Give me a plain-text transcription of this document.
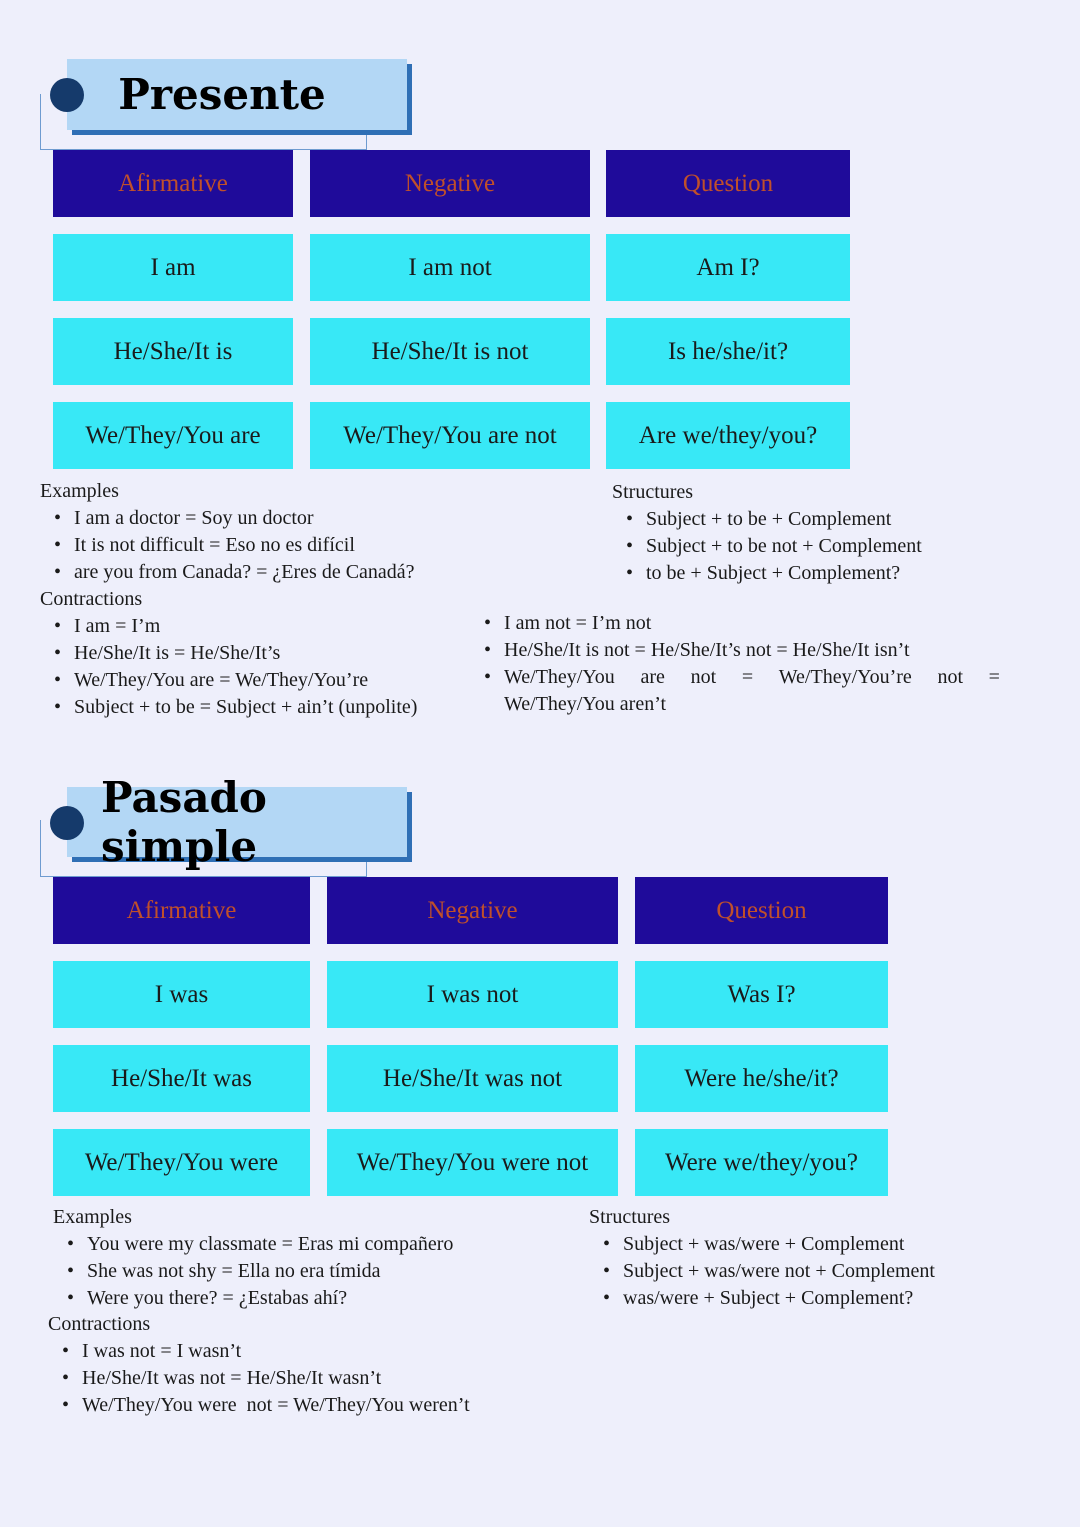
Presente
Afirmative	Negative	Question
I am	I am not	Am I?
He/She/It is	He/She/It is not	Is he/she/it?
We/They/You are	We/They/You are not	Are we/they/you?

Examples

• I am a doctor = Soy un doctor
• It is not difficult = Eso no es difícil
• are you from Canada? = ¿Eres de Canadá?

Contractions

• I am = I’m
• He/She/It is = He/She/It’s
• We/They/You are = We/They/You’re
• Subject + to be = Subject + ain’t (unpolite)

Structures

• Subject + to be + Complement
• Subject + to be not + Complement
• to be + Subject + Complement?
• I am not = I’m not
• He/She/It is not = He/She/It’s not = He/She/It isn’t
• We/They/You are not = We/They/You’re not =
We/They/You aren’t
Pasado simple
Afirmative	Negative	Question
I was	I was not	Was I?
He/She/It was	He/She/It was not	Were he/she/it?
We/They/You were	We/They/You were not	Were we/they/you?

Examples

• You were my classmate = Eras mi compañero
• She was not shy = Ella no era tímida
• Were you there? = ¿Estabas ahí?

Contractions

• I was not = I wasn’t
• He/She/It was not = He/She/It wasn’t
• We/They/You were  not = We/They/You weren’t

Structures

• Subject + was/were + Complement
• Subject + was/were not + Complement
• was/were + Subject + Complement?
